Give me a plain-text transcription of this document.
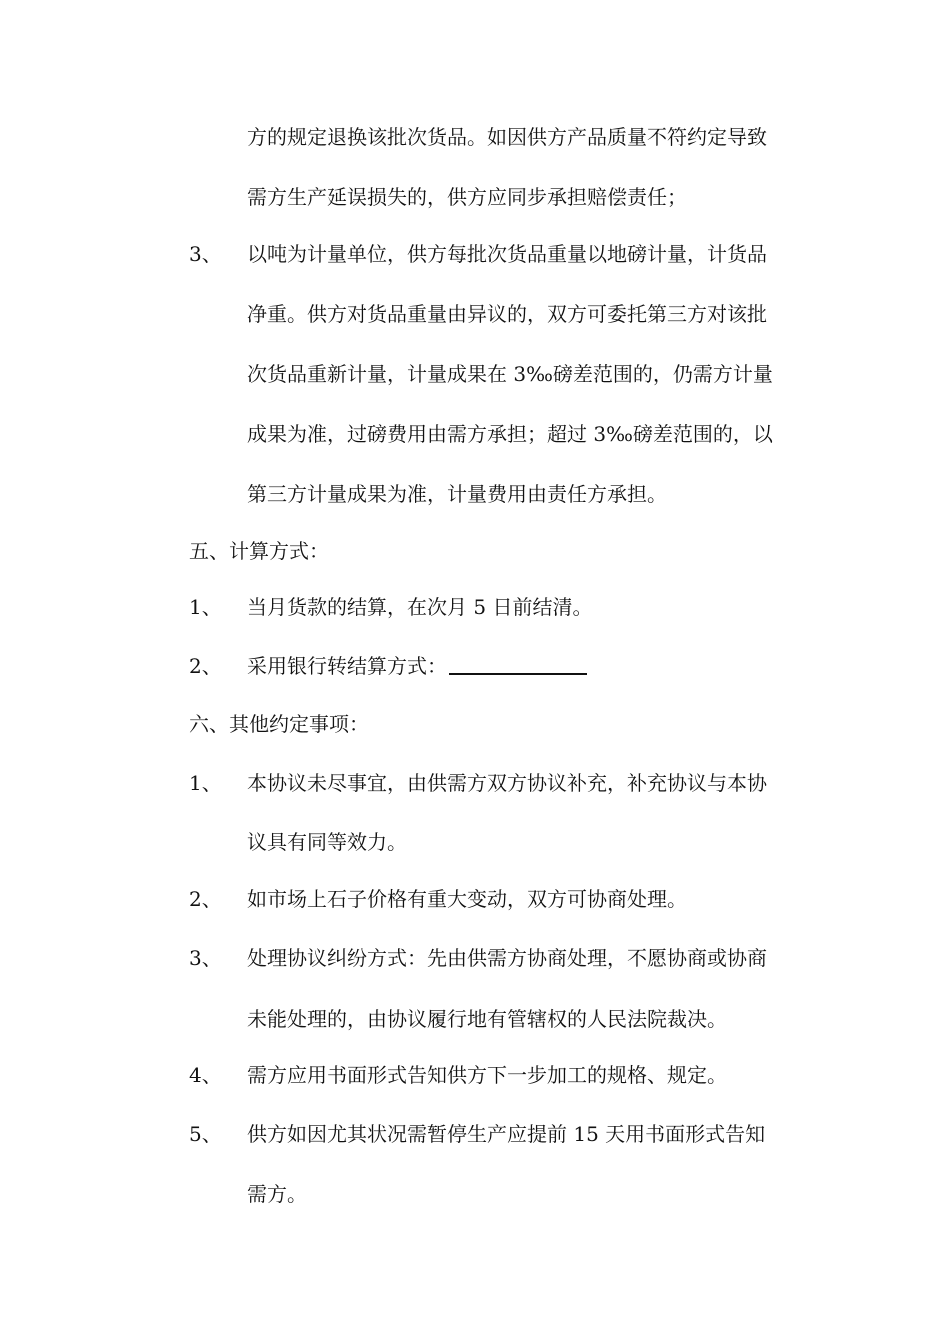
方的规定退换该批次货品。如因供方产品质量不符约定导致
需方生产延误损失的，供方应同步承担赔偿责任；
3、	以吨为计量单位，供方每批次货品重量以地磅计量，计货品
净重。供方对货品重量由异议的，双方可委托第三方对该批
次货品重新计量，计量成果在 3‰磅差范围的，仍需方计量
成果为准，过磅费用由需方承担；超过 3‰磅差范围的，以
第三方计量成果为准，计量费用由责任方承担。
五、计算方式：
1、	当月货款的结算，在次月 5 日前结清。
2、	采用银行转结算方式：
六、其他约定事项：
1、	本协议未尽事宜，由供需方双方协议补充，补充协议与本协
议具有同等效力。
2、	如市场上石子价格有重大变动，双方可协商处理。
3、	处理协议纠纷方式：先由供需方协商处理，不愿协商或协商
未能处理的，由协议履行地有管辖权的人民法院裁决。
4、	需方应用书面形式告知供方下一步加工的规格、规定。
5、	供方如因尤其状况需暂停生产应提前 15 天用书面形式告知
需方。
